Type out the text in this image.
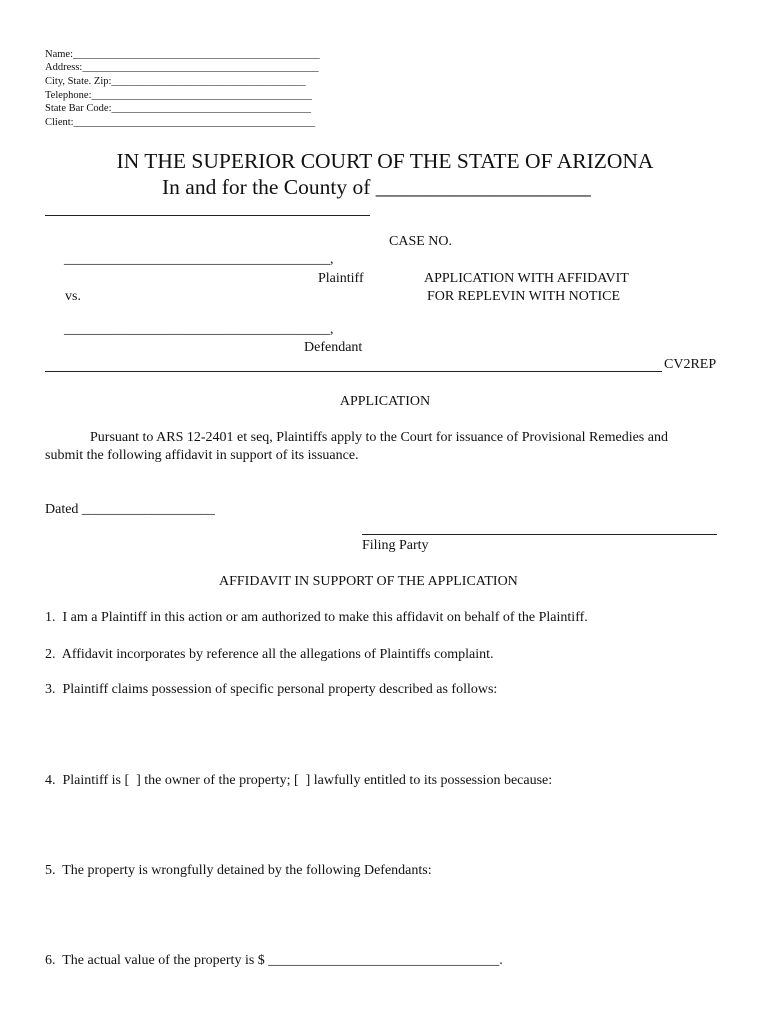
Name:_______________________________________________
Address:_____________________________________________
City, State. Zip:_____________________________________
Telephone:__________________________________________
State Bar Code:______________________________________
Client:______________________________________________
IN THE SUPERIOR COURT OF THE STATE OF ARIZONA
In and for the County of ____________________
CASE NO.
______________________________________,
Plaintiff
vs.
APPLICATION WITH AFFIDAVIT
FOR REPLEVIN WITH NOTICE
______________________________________,
Defendant
CV2REP
APPLICATION
Pursuant to ARS 12-2401 et seq, Plaintiffs apply to the Court for issuance of Provisional Remedies and
submit the following affidavit in support of its issuance.
Dated ___________________
Filing Party
AFFIDAVIT IN SUPPORT OF THE APPLICATION
1.  I am a Plaintiff in this action or am authorized to make this affidavit on behalf of the Plaintiff.
2.  Affidavit incorporates by reference all the allegations of Plaintiffs complaint.
3.  Plaintiff claims possession of specific personal property described as follows:
4.  Plaintiff is [  ] the owner of the property; [  ] lawfully entitled to its possession because:
5.  The property is wrongfully detained by the following Defendants:
6.  The actual value of the property is $ _________________________________.
